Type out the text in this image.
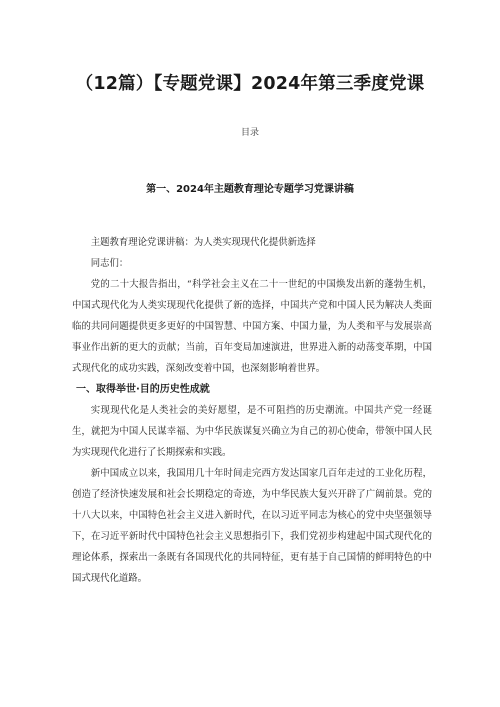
（12篇）【专题党课】2024年第三季度党课
目录
第一、2024年主题教育理论专题学习党课讲稿

主题教育理论党课讲稿：为人类实现现代化提供新选择

同志们：

党的二十大报告指出，“科学社会主义在二十一世纪的中国焕发出新的蓬勃生机，中国式现代化为人类实现现代化提供了新的选择，中国共产党和中国人民为解决人类面临的共同问题提供更多更好的中国智慧、中国方案、中国力量，为人类和平与发展崇高事业作出新的更大的贡献；当前，百年变局加速演进，世界进入新的动荡变革期，中国式现代化的成功实践，深刻改变着中国，也深刻影响着世界。

一、取得举世·目的历史性成就

实现现代化是人类社会的美好愿望，是不可阻挡的历史潮流。中国共产党一经诞生，就把为中国人民谋幸福、为中华民族谋复兴确立为自己的初心使命，带领中国人民为实现现代化进行了长期探索和实践。

新中国成立以来，我国用几十年时间走完西方发达国家几百年走过的工业化历程，创造了经济快速发展和社会长期稳定的奇迹，为中华民族大复兴开辟了广阔前景。党的十八大以来，中国特色社会主义进入新时代，在以习近平同志为核心的党中央坚强领导下，在习近平新时代中国特色社会主义思想指引下，我们党初步构建起中国式现代化的理论体系，探索出一条既有各国现代化的共同特征，更有基于自己国情的鲜明特色的中国式现代化道路。
